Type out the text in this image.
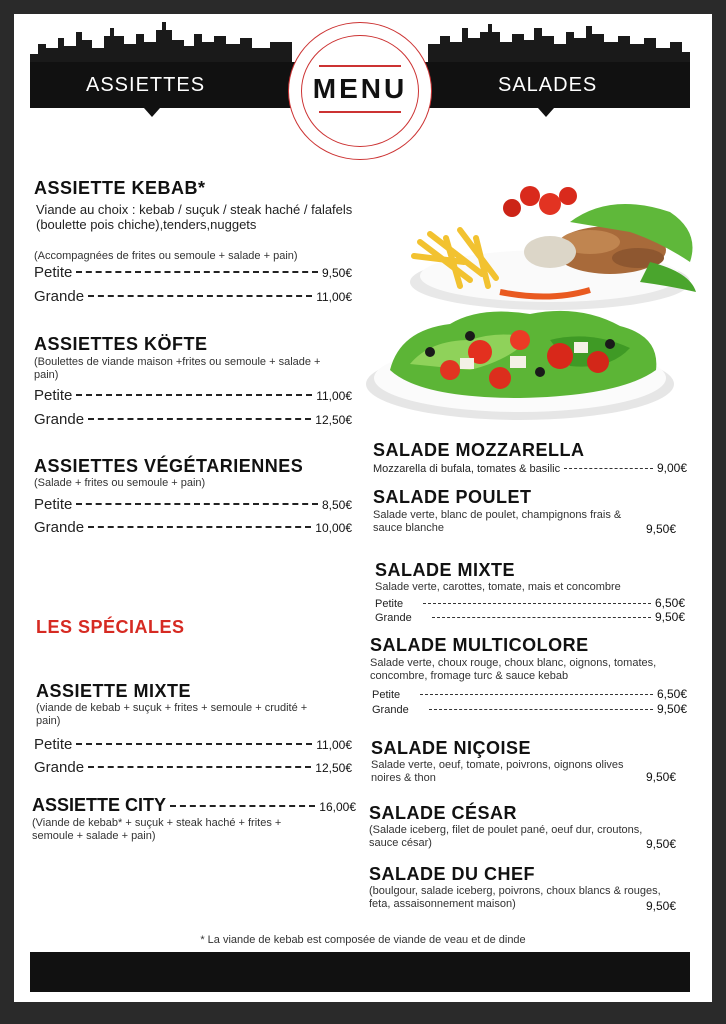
ASSIETTES	SALADES
MENU
ASSIETTE KEBAB*
Viande au choix : kebab / suçuk / steak haché / falafels (boulette pois chiche),tenders,nuggets
(Accompagnées de frites ou semoule + salade + pain)
Petite	9,50€
Grande	11,00€
ASSIETTES KÖFTE
(Boulettes de viande maison +frites ou semoule + salade + pain)
Petite	11,00€
Grande	12,50€
ASSIETTES VÉGÉTARIENNES
(Salade + frites ou semoule + pain)
Petite	8,50€
Grande	10,00€
LES SPÉCIALES
ASSIETTE MIXTE
(viande de kebab + suçuk + frites + semoule + crudité + pain)
Petite	11,00€
Grande	12,50€
ASSIETTE CITY	16,00€
(Viande de kebab* + suçuk + steak haché + frites + semoule + salade + pain)
SALADE MOZZARELLA
Mozzarella di bufala, tomates & basilic	9,00€
SALADE POULET
Salade verte, blanc de poulet, champignons frais & sauce blanche	9,50€
SALADE MIXTE
Salade verte, carottes, tomate, mais et concombre
Petite	6,50€
Grande	9,50€
SALADE MULTICOLORE
Salade verte, choux rouge, choux blanc, oignons, tomates, concombre, fromage turc & sauce kebab
Petite	6,50€
Grande	9,50€
SALADE NIÇOISE
Salade verte, oeuf, tomate, poivrons, oignons olives noires & thon	9,50€
SALADE CÉSAR
(Salade iceberg, filet de poulet pané, oeuf dur, croutons, sauce césar)	9,50€
SALADE DU CHEF
(boulgour, salade iceberg, poivrons, choux blancs & rouges, feta, assaisonnement maison)	9,50€
* La viande de kebab est composée de viande de veau et de dinde
